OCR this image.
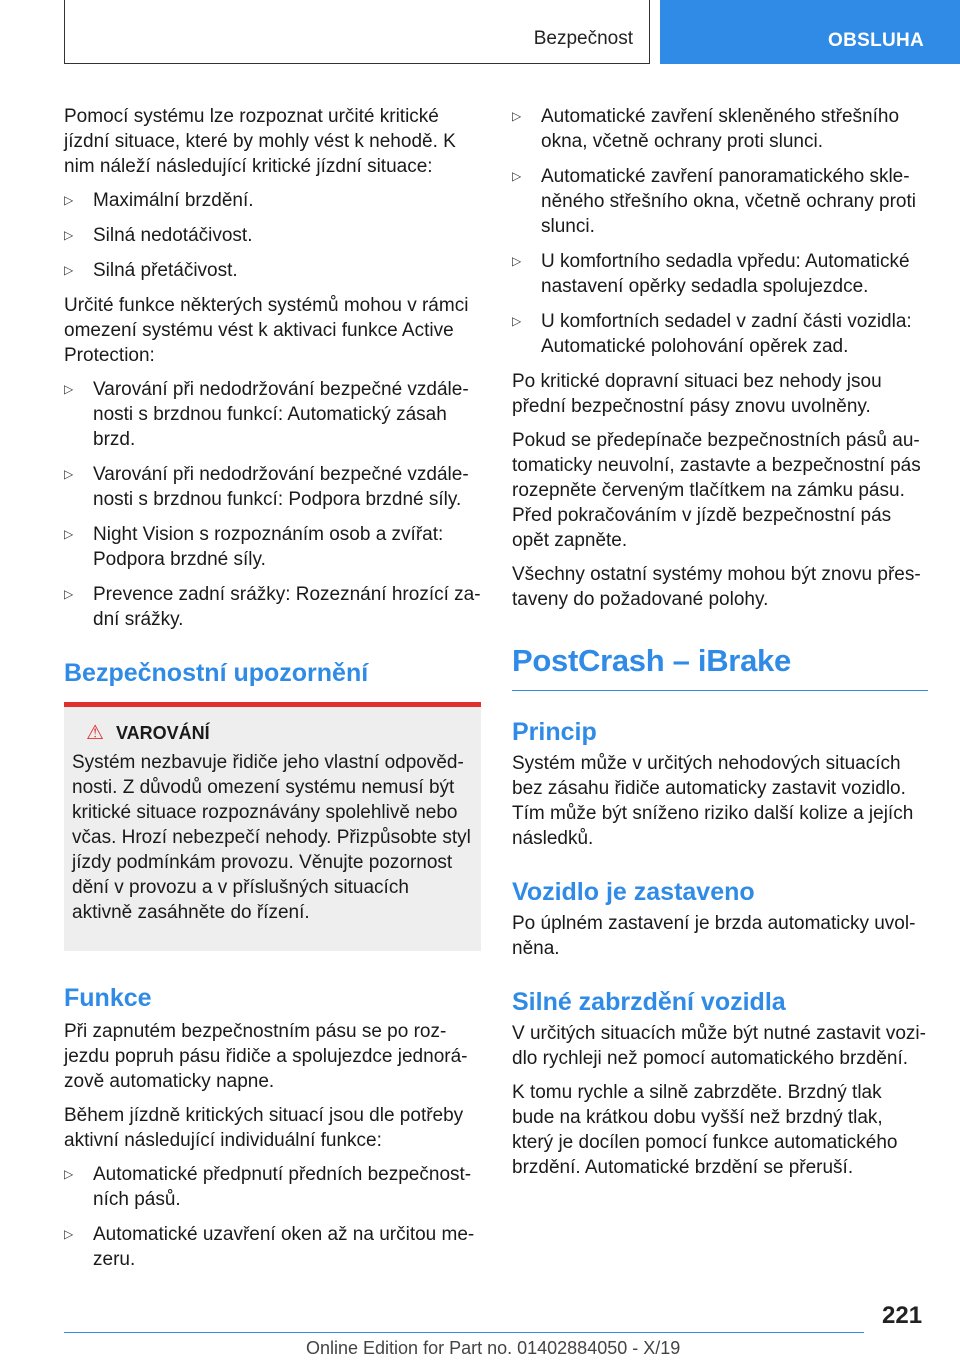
Bezpečnost	OBSLUHA

Pomocí systému lze rozpoznat určité kritické jízdní situace, které by mohly vést k nehodě. K nim náleží následující kritické jízdní situace:

▷ Maximální brzdění.
▷ Silná nedotáčivost.
▷ Silná přetáčivost.

Určité funkce některých systémů mohou v rámci omezení systému vést k aktivaci funkce Active Protection:

▷ Varování při nedodržování bezpečné vzdálenosti s brzdnou funkcí: Automatický zásah brzd.
▷ Varování při nedodržování bezpečné vzdálenosti s brzdnou funkcí: Podpora brzdné síly.
▷ Night Vision s rozpoznáním osob a zvířat: Podpora brzdné síly.
▷ Prevence zadní srážky: Rozeznání hrozící zadní srážky.
Bezpečnostní upozornění
⚠ VAROVÁNÍ
Systém nezbavuje řidiče jeho vlastní odpovědnosti. Z důvodů omezení systému nemusí být kritické situace rozpoznávány spolehlivě nebo včas. Hrozí nebezpečí nehody. Přizpůsobte styl jízdy podmínkám provozu. Věnujte pozornost dění v provozu a v příslušných situacích aktivně zasáhněte do řízení.
Funkce

Při zapnutém bezpečnostním pásu se po rozjezdu popruh pásu řidiče a spolujezdce jednorázově automaticky napne.

Během jízdně kritických situací jsou dle potřeby aktivní následující individuální funkce:

▷ Automatické předpnutí předních bezpečnostních pásů.
▷ Automatické uzavření oken až na určitou mezeru.
▷ Automatické zavření skleněného střešního okna, včetně ochrany proti slunci.
▷ Automatické zavření panoramatického skleněného střešního okna, včetně ochrany proti slunci.
▷ U komfortního sedadla vpředu: Automatické nastavení opěrky sedadla spolujezdce.
▷ U komfortních sedadel v zadní části vozidla: Automatické polohování opěrek zad.

Po kritické dopravní situaci bez nehody jsou přední bezpečnostní pásy znovu uvolněny.

Pokud se předepínače bezpečnostních pásů automaticky neuvolní, zastavte a bezpečnostní pás rozepněte červeným tlačítkem na zámku pásu. Před pokračováním v jízdě bezpečnostní pás opět zapněte.

Všechny ostatní systémy mohou být znovu přestaveny do požadované polohy.

PostCrash – iBrake
Princip

Systém může v určitých nehodových situacích bez zásahu řidiče automaticky zastavit vozidlo. Tím může být sníženo riziko další kolize a jejích následků.

Vozidlo je zastaveno

Po úplném zastavení je brzda automaticky uvolněna.

Silné zabrzdění vozidla

V určitých situacích může být nutné zastavit vozidlo rychleji než pomocí automatického brzdění.

K tomu rychle a silně zabrzděte. Brzdný tlak bude na krátkou dobu vyšší než brzdný tlak, který je docílen pomocí funkce automatického brzdění. Automatické brzdění se přeruší.

221
Online Edition for Part no. 01402884050 - X/19
